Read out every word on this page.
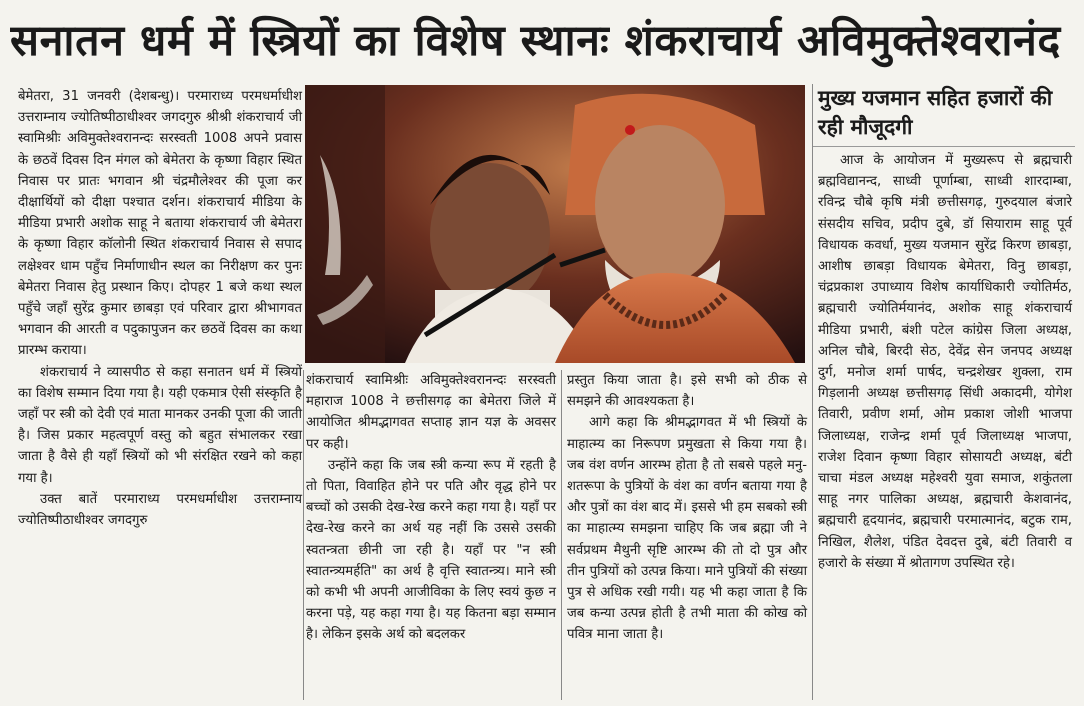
सनातन धर्म में स्त्रियों का विशेष स्थानः शंकराचार्य अविमुक्तेश्वरानंद

बेमेतरा, 31 जनवरी (देशबन्धु)। परमाराध्य परमधर्माधीश उत्तराम्नाय ज्योतिष्पीठाधीश्वर जगदगुरु श्रीश्री शंकराचार्य जी स्वामिश्रीः अविमुक्तेश्वरानन्दः सरस्वती 1008 अपने प्रवास के छठवें दिवस दिन मंगल को बेमेतरा के कृष्णा विहार स्थित निवास पर प्रातः भगवान श्री चंद्रमौलेश्वर की पूजा कर दीक्षार्थियों को दीक्षा पश्चात दर्शन। शंकराचार्य मीडिया के मीडिया प्रभारी अशोक साहू ने बताया शंकराचार्य जी बेमेतरा के कृष्णा विहार कॉलोनी स्थित शंकराचार्य निवास से सपाद लक्षेश्वर धाम पहुँच निर्माणाधीन स्थल का निरीक्षण कर पुनः बेमेतरा निवास हेतु प्रस्थान किए। दोपहर 1 बजे कथा स्थल पहुँचे जहाँ सुरेंद्र कुमार छाबड़ा एवं परिवार द्वारा श्रीभागवत भगवान की आरती व पदुकापुजन कर छठवें दिवस का कथा प्रारम्भ कराया।

शंकराचार्य ने व्यासपीठ से कहा सनातन धर्म में स्त्रियों का विशेष सम्मान दिया गया है। यही एकमात्र ऐसी संस्कृति है जहाँ पर स्त्री को देवी एवं माता मानकर उनकी पूजा की जाती है। जिस प्रकार महत्वपूर्ण वस्तु को बहुत संभालकर रखा जाता है वैसे ही यहाँ स्त्रियों को भी संरक्षित रखने को कहा गया है।

उक्त बातें परमाराध्य परमधर्माधीश उत्तराम्नाय ज्योतिष्पीठाधीश्वर जगदगुरु

शंकराचार्य स्वामिश्रीः अविमुक्तेश्वरानन्दः सरस्वती महाराज 1008 ने छत्तीसगढ़ का बेमेतरा जिले में आयोजित श्रीमद्भागवत सप्ताह ज्ञान यज्ञ के अवसर पर कही।

उन्होंने कहा कि जब स्त्री कन्या रूप में रहती है तो पिता, विवाहित होने पर पति और वृद्ध होने पर बच्चों को उसकी देख-रेख करने कहा गया है। यहाँ पर देख-रेख करने का अर्थ यह नहीं कि उससे उसकी स्वतन्त्रता छीनी जा रही है। यहाँ पर "न स्त्री स्वातन्त्र्यमर्हति" का अर्थ है वृत्ति स्वातन्त्र्य। माने स्त्री को कभी भी अपनी आजीविका के लिए स्वयं कुछ न करना पड़े, यह कहा गया है। यह कितना बड़ा सम्मान है। लेकिन इसके अर्थ को बदलकर

प्रस्तुत किया जाता है। इसे सभी को ठीक से समझने की आवश्यकता है।

आगे कहा कि श्रीमद्भागवत में भी स्त्रियों के माहात्म्य का निरूपण प्रमुखता से किया गया है। जब वंश वर्णन आरम्भ होता है तो सबसे पहले मनु-शतरूपा के पुत्रियों के वंश का वर्णन बताया गया है और पुत्रों का वंश बाद में। इससे भी हम सबको स्त्री का माहात्म्य समझना चाहिए कि जब ब्रह्मा जी ने सर्वप्रथम मैथुनी सृष्टि आरम्भ की तो दो पुत्र और तीन पुत्रियों को उत्पन्न किया। माने पुत्रियों की संख्या पुत्र से अधिक रखी गयी। यह भी कहा जाता है कि जब कन्या उत्पन्न होती है तभी माता की कोख को पवित्र माना जाता है।

मुख्य यजमान सहित हजारों की रही मौजूदगी

आज के आयोजन में मुख्यरूप से ब्रह्मचारी ब्रह्मविद्यानन्द, साध्वी पूर्णाम्बा, साध्वी शारदाम्बा, रविन्द्र चौबे कृषि मंत्री छत्तीसगढ़, गुरुदयाल बंजारे संसदीय सचिव, प्रदीप दुबे, डॉ सियाराम साहू पूर्व विधायक कवर्धा, मुख्य यजमान सुरेंद्र किरण छाबड़ा, आशीष छाबड़ा विधायक बेमेतरा, विनु छाबड़ा, चंद्रप्रकाश उपाध्याय विशेष कार्याधिकारी ज्योतिर्मठ, ब्रह्मचारी ज्योतिर्मयानंद, अशोक साहू शंकराचार्य मीडिया प्रभारी, बंशी पटेल कांग्रेस जिला अध्यक्ष, अनिल चौबे, बिरदी सेठ, देवेंद्र सेन जनपद अध्यक्ष दुर्ग, मनोज शर्मा पार्षद, चन्द्रशेखर शुक्ला, राम गिड़लानी अध्यक्ष छत्तीसगढ़ सिंधी अकादमी, योगेश तिवारी, प्रवीण शर्मा, ओम प्रकाश जोशी भाजपा जिलाध्यक्ष, राजेन्द्र शर्मा पूर्व जिलाध्यक्ष भाजपा, राजेश दिवान कृष्णा विहार सोसायटी अध्यक्ष, बंटी चाचा मंडल अध्यक्ष महेश्वरी युवा समाज, शकुंतला साहू नगर पालिका अध्यक्ष, ब्रह्मचारी केशवानंद, ब्रह्मचारी हृदयानंद, ब्रह्मचारी परमात्मानंद, बटुक राम, निखिल, शैलेश, पंडित देवदत्त दुबे, बंटी तिवारी व हजारो के संख्या में श्रोतागण उपस्थित रहे।
